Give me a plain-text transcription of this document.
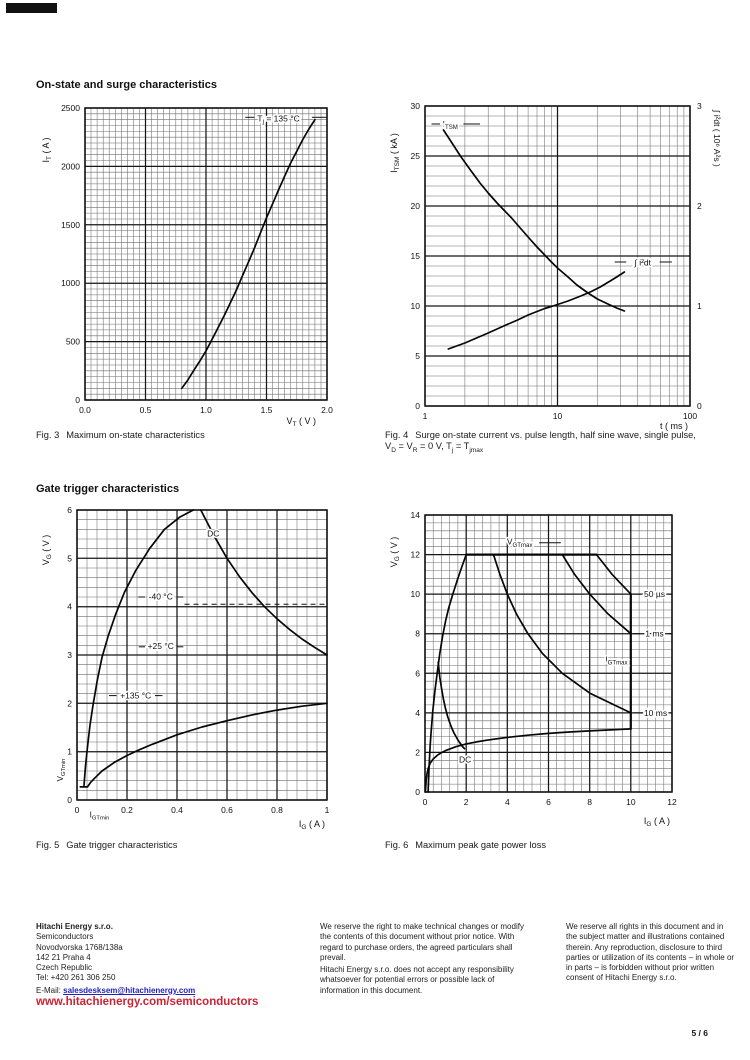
On-state and surge characteristics
0.0	0.5	1.0	1.5	2.0
0
500
1000
1500
2000
2500
$I_T$ ( A )
$V_T$ ( V )
$T_j = 135$ °C
1	10	100
0
5
10
15
20
25
30
0
1
2
3
$I_{TSM}$ ( kA )	∫ i²dt ( 10⁶ A²s )
t ( ms )
$I_{TSM}$
∫ i²dt
Fig. 3 Maximum on-state characteristics	Fig. 4 Surge on-state current vs. pulse length, half sine wave, single pulse,
$V_D = V_R = 0$ V, $T_j = T_{jmax}$
Gate trigger characteristics
0	0.2	0.4	0.6	0.8	1
0
1
2
3
4
5
6
$V_G$ ( V )
$I_G$ ( A )
$V_{GTmin}$
$I_{GTmin}$
DC
-40 °C
+25 °C
+135 °C
0	2	4	6	8	10	12
0
2
4
6
8
10
12
14
$V_G$ ( V )
$I_G$ ( A )
$V_{GTmax}$
$I_{GTmax}$
50 µs
1 ms
10 ms
DC
Fig. 5 Gate trigger characteristics	Fig. 6 Maximum peak gate power loss
Hitachi Energy s.r.o.
Semiconductors
Novodvorska 1768/138a
142 21 Praha 4
Czech Republic
Tel: +420 261 306 250
E-Mail: salesdesksem@hitachienergy.com
www.hitachienergy.com/semiconductors
We reserve the right to make technical changes or modify the contents of this document without prior notice. With regard to purchase orders, the agreed particulars shall prevail.
Hitachi Energy s.r.o. does not accept any responsibility whatsoever for potential errors or possible lack of information in this document.
We reserve all rights in this document and in the subject matter and illustrations contained therein. Any reproduction, disclosure to third parties or utilization of its contents – in whole or in parts – is forbidden without prior written consent of Hitachi Energy s.r.o.
5 / 6
